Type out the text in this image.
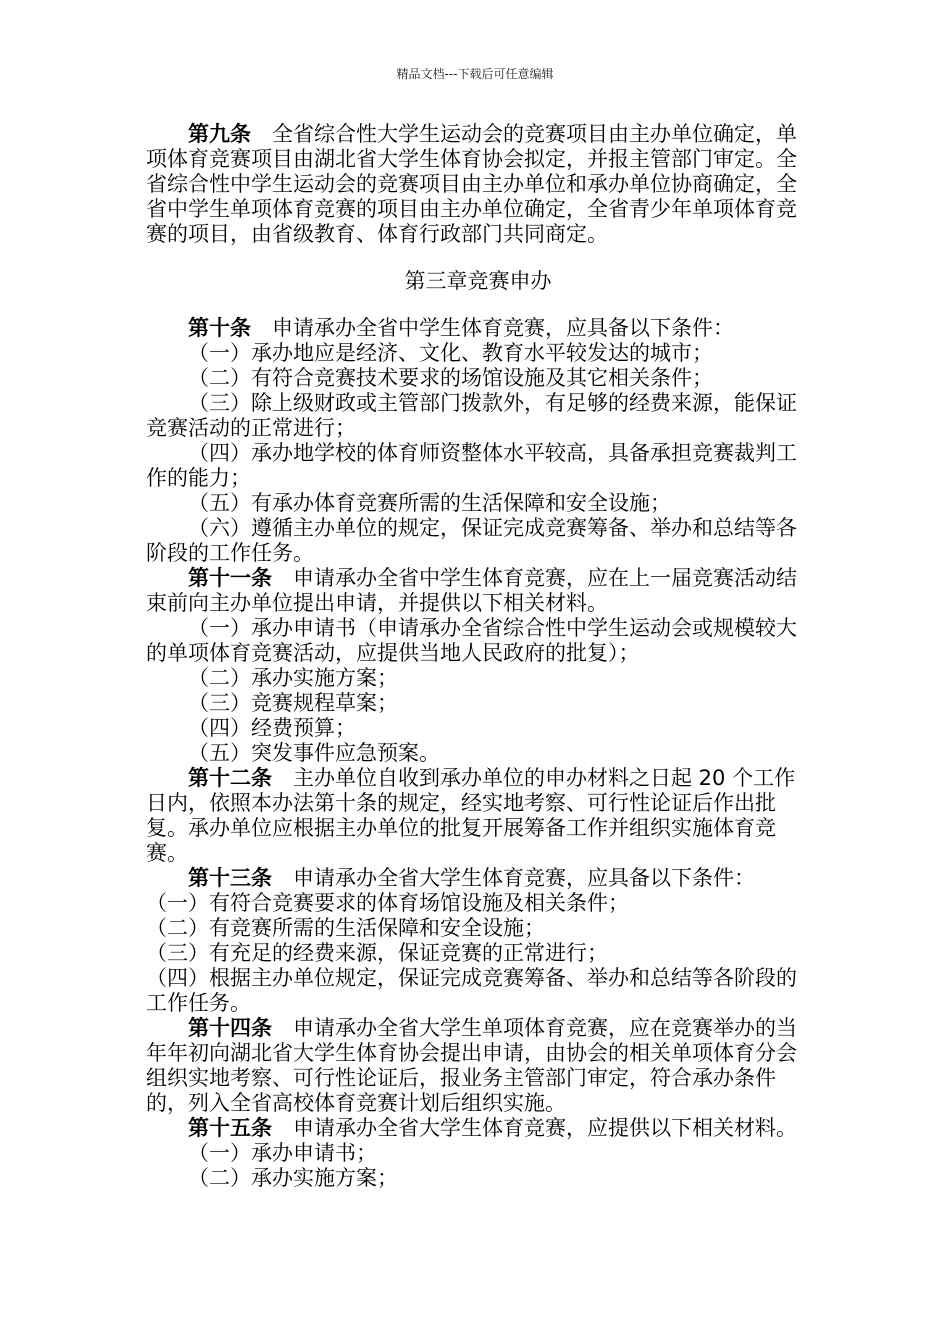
精品文档---下载后可任意编辑

第九条 全省综合性大学生运动会的竞赛项目由主办单位确定，单项体育竞赛项目由湖北省大学生体育协会拟定，并报主管部门审定。全省综合性中学生运动会的竞赛项目由主办单位和承办单位协商确定，全省中学生单项体育竞赛的项目由主办单位确定，全省青少年单项体育竞赛的项目，由省级教育、体育行政部门共同商定。

第三章竞赛申办

第十条 申请承办全省中学生体育竞赛，应具备以下条件：

（一）承办地应是经济、文化、教育水平较发达的城市；

（二）有符合竞赛技术要求的场馆设施及其它相关条件；

（三）除上级财政或主管部门拨款外，有足够的经费来源，能保证竞赛活动的正常进行；

（四）承办地学校的体育师资整体水平较高，具备承担竞赛裁判工作的能力；

（五）有承办体育竞赛所需的生活保障和安全设施；

（六）遵循主办单位的规定，保证完成竞赛筹备、举办和总结等各阶段的工作任务。

第十一条 申请承办全省中学生体育竞赛，应在上一届竞赛活动结束前向主办单位提出申请，并提供以下相关材料。

（一）承办申请书（申请承办全省综合性中学生运动会或规模较大的单项体育竞赛活动，应提供当地人民政府的批复）；

（二）承办实施方案；

（三）竞赛规程草案；

（四）经费预算；

（五）突发事件应急预案。

第十二条 主办单位自收到承办单位的申办材料之日起 20 个工作日内，依照本办法第十条的规定，经实地考察、可行性论证后作出批复。承办单位应根据主办单位的批复开展筹备工作并组织实施体育竞赛。

第十三条 申请承办全省大学生体育竞赛，应具备以下条件：

（一）有符合竞赛要求的体育场馆设施及相关条件；

（二）有竞赛所需的生活保障和安全设施；

（三）有充足的经费来源，保证竞赛的正常进行；

（四）根据主办单位规定，保证完成竞赛筹备、举办和总结等各阶段的工作任务。

第十四条 申请承办全省大学生单项体育竞赛，应在竞赛举办的当年年初向湖北省大学生体育协会提出申请，由协会的相关单项体育分会组织实地考察、可行性论证后，报业务主管部门审定，符合承办条件的，列入全省高校体育竞赛计划后组织实施。

第十五条 申请承办全省大学生体育竞赛，应提供以下相关材料。

（一）承办申请书；

（二）承办实施方案；
